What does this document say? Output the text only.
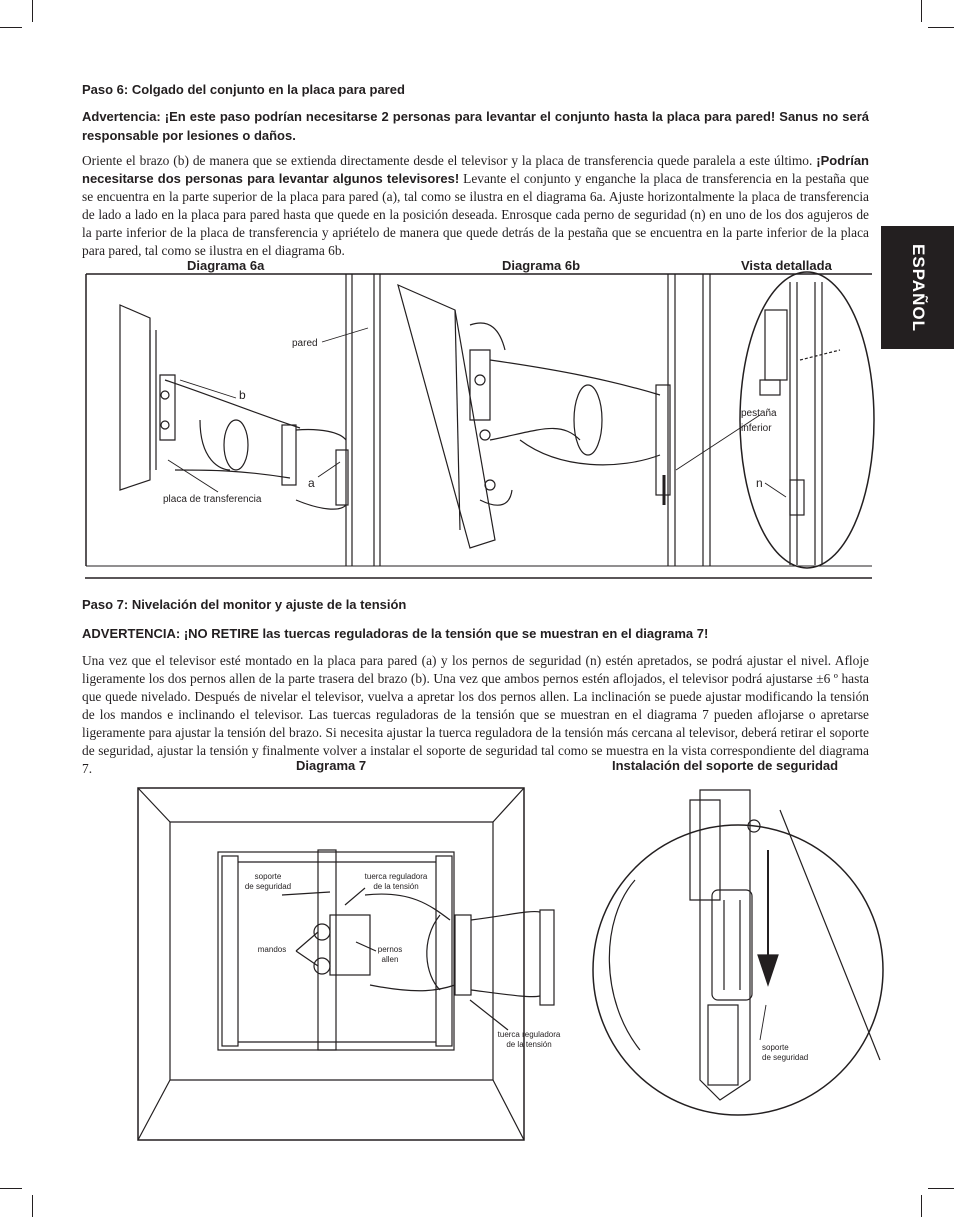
ESPAÑOL
Paso 6: Colgado del conjunto en la placa para pared
Advertencia: ¡En este paso podrían necesitarse 2 personas para levantar el conjunto hasta la placa para pared! Sanus no será responsable por lesiones o daños.
Oriente el brazo (b) de manera que se extienda directamente desde el televisor y la placa de transferencia quede paralela a este último. ¡Podrían necesitarse dos personas para levantar algunos televisores! Levante el conjunto y enganche la placa de transferencia en la pestaña que se encuentra en la parte superior de la placa para pared (a), tal como se ilustra en el diagrama 6a. Ajuste horizontalmente la placa de transferencia de lado a lado en la placa para pared hasta que quede en la posición deseada. Enrosque cada perno de seguridad (n) en uno de los dos agujeros de la parte inferior de la placa de transferencia y apriételo de manera que quede detrás de la pestaña que se encuentra en la parte inferior de la placa para pared, tal como se ilustra en el diagrama 6b.
Diagrama 6a	Diagrama 6b	Vista detallada
pared
b
a
placa de transferencia
pestaña
inferior
n
Paso 7: Nivelación del monitor y ajuste de la tensión
ADVERTENCIA: ¡NO RETIRE las tuercas reguladoras de la tensión que se muestran en el diagrama 7!
Una vez que el televisor esté montado en la placa para pared (a) y los pernos de seguridad (n) estén apretados, se podrá ajustar el nivel. Afloje ligeramente los dos pernos allen de la parte trasera del brazo (b). Una vez que ambos pernos estén aflojados, el televisor podrá ajustarse ±6 º hasta que quede nivelado. Después de nivelar el televisor, vuelva a apretar los dos pernos allen. La inclinación se puede ajustar modificando la tensión de los mandos e inclinando el televisor. Las tuercas reguladoras de la tensión que se muestran en el diagrama 7 pueden aflojarse o apretarse ligeramente para ajustar la tensión del brazo. Si necesita ajustar la tuerca reguladora de la tensión más cercana al televisor, deberá retirar el soporte de seguridad, ajustar la tensión y finalmente volver a instalar el soporte de seguridad tal como se muestra en la vista correspondiente del diagrama 7.	Diagrama 7	Instalación del soporte de seguridad
soporte
de seguridad
tuerca reguladora
de la tensión
mandos	pernos
allen
tuerca reguladora
de la tensión	soporte
de seguridad
